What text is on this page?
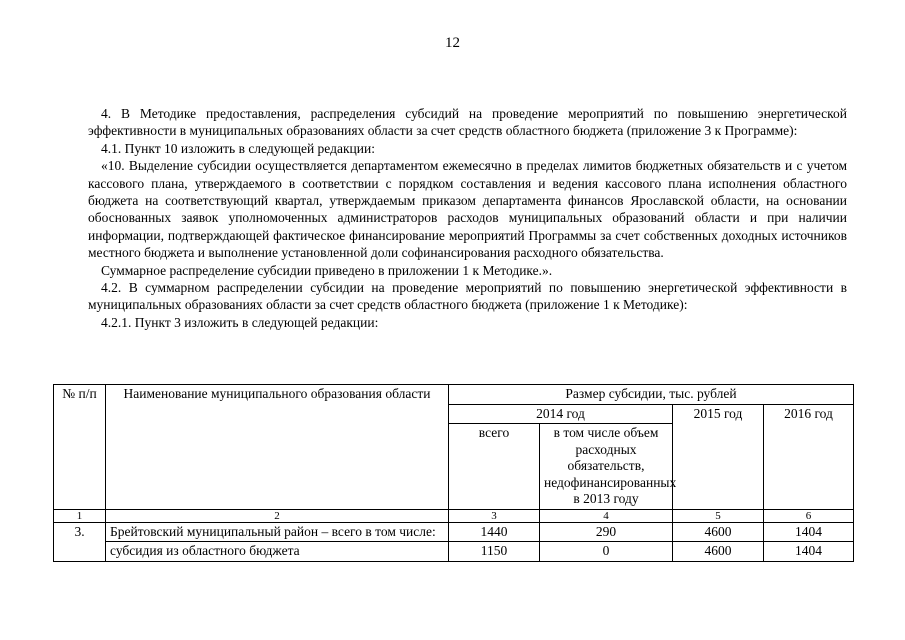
12

4. В Методике предоставления, распределения субсидий на проведение мероприятий по повышению энергетической эффективности в муниципальных образованиях области за счет средств областного бюджета (приложение 3 к Программе):

4.1. Пункт 10 изложить в следующей редакции:

«10. Выделение субсидии осуществляется департаментом ежемесячно в пределах лимитов бюджетных обязательств и с учетом кассового плана, утверждаемого в соответствии с порядком составления и ведения кассового плана исполнения областного бюджета на соответствующий квартал, утверждаемым приказом департамента финансов Ярославской области, на основании обоснованных заявок уполномоченных администраторов расходов муниципальных образований области и при наличии информации, подтверждающей фактическое финансирование мероприятий Программы за счет собственных доходных источников местного бюджета и выполнение установленной доли софинансирования расходного обязательства.

Суммарное распределение субсидии приведено в приложении 1 к Методике.».

4.2. В суммарном распределении субсидии на проведение мероприятий по повышению энергетической эффективности в муниципальных образованиях области за счет средств областного бюджета (приложение 1 к Методике):

4.2.1. Пункт 3 изложить в следующей редакции:

№ п/п	Наименование муниципального образования области	Размер субсидии, тыс. рублей			
		2014 год		2015 год	2016 год
		всего	в том числе объем расходных обязательств, недофинансированных в 2013 году		
1	2	3	4	5	6
3.	Брейтовский муниципальный район – всего в том числе:	1440	290	4600	1404
	субсидия из областного бюджета	1150	0	4600	1404
